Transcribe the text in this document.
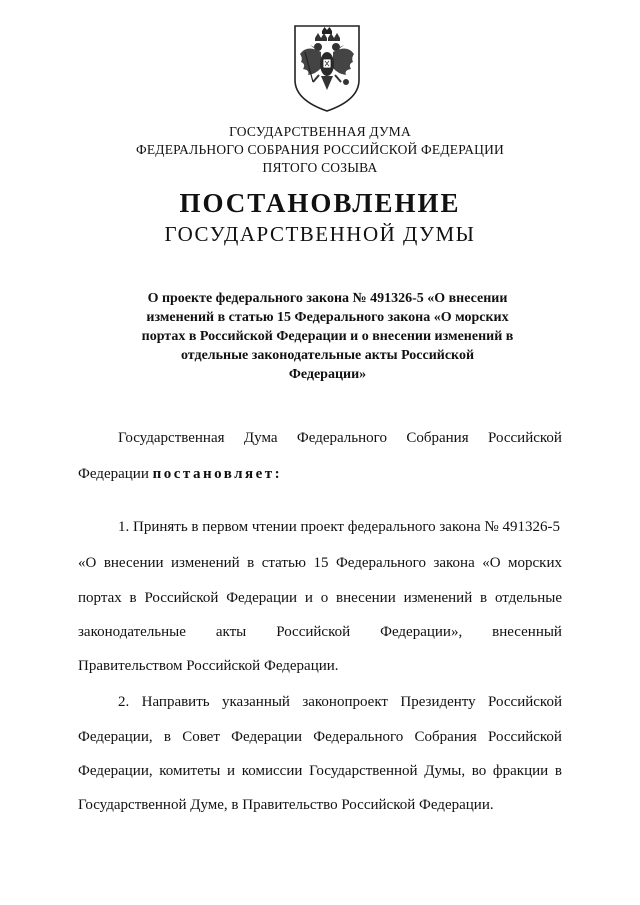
ГОСУДАРСТВЕННАЯ ДУМА
ФЕДЕРАЛЬНОГО СОБРАНИЯ РОССИЙСКОЙ ФЕДЕРАЦИИ
ПЯТОГО СОЗЫВА
ПОСТАНОВЛЕНИЕ
ГОСУДАРСТВЕННОЙ ДУМЫ
О проекте федерального закона № 491326-5 «О внесении
изменений в статью 15 Федерального закона «О морских
портах в Российской Федерации и о внесении изменений в
отдельные законодательные акты Российской
Федерации»
Государственная Дума Федерального Собрания Российской
Федерации постановляет:
1. Принять в первом чтении проект федерального закона № 491326-5
«О внесении изменений в статью 15 Федерального закона «О морских
портах в Российской Федерации и о внесении изменений в отдельные
законодательные акты Российской Федерации», внесенный
Правительством Российской Федерации.
2. Направить указанный законопроект Президенту Российской
Федерации, в Совет Федерации Федерального Собрания Российской
Федерации, комитеты и комиссии Государственной Думы, во фракции в
Государственной Думе, в Правительство Российской Федерации.
